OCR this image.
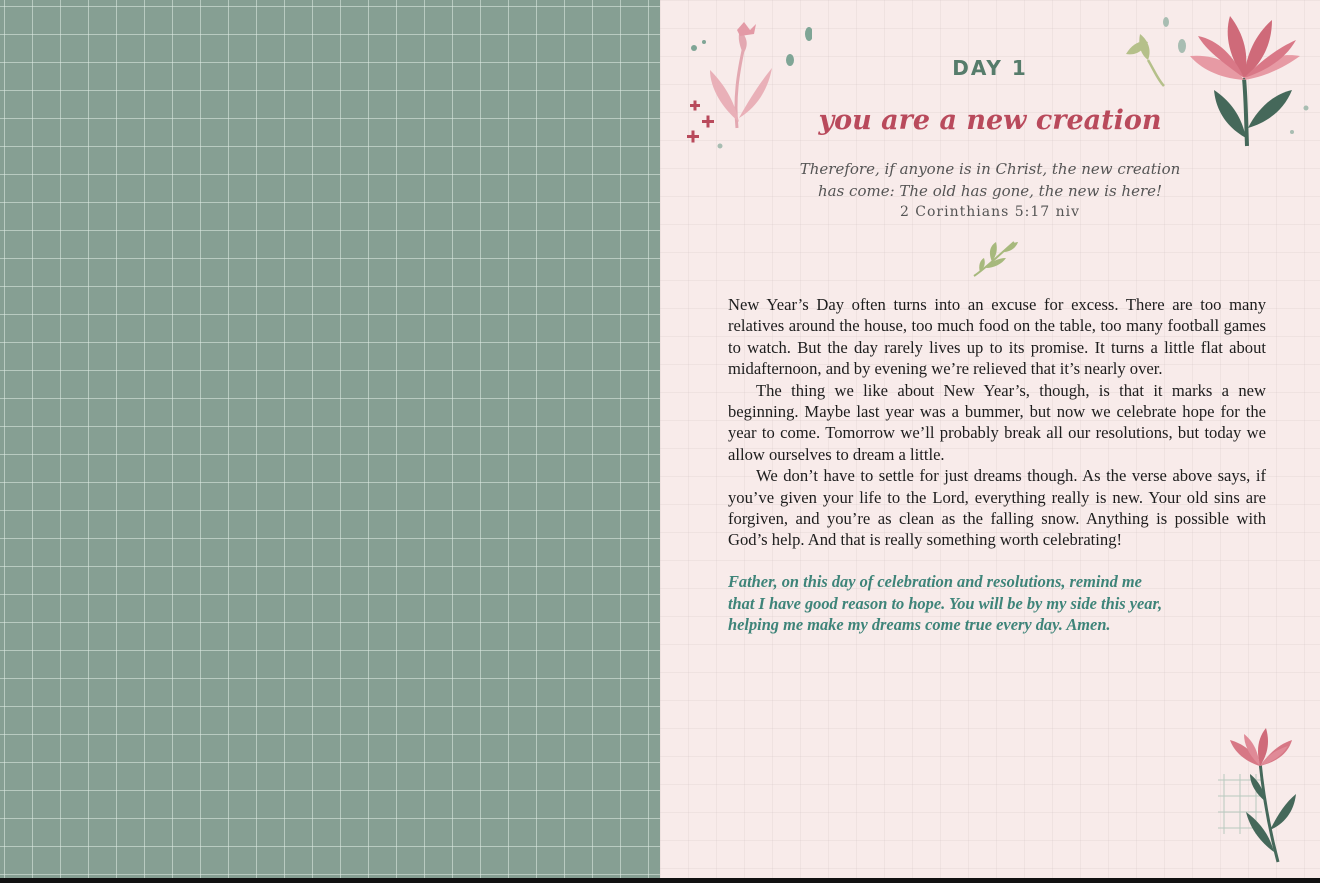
DAY 1
you are a new creation
Therefore, if anyone is in Christ, the new creation
has come: The old has gone, the new is here!
2 Corinthians 5:17 niv

New Year’s Day often turns into an excuse for excess. There are too many relatives around the house, too much food on the table, too many football games to watch. But the day rarely lives up to its promise. It turns a little flat about midafternoon, and by evening we’re relieved that it’s nearly over.

The thing we like about New Year’s, though, is that it marks a new beginning. Maybe last year was a bummer, but now we celebrate hope for the year to come. Tomorrow we’ll probably break all our resolutions, but today we allow ourselves to dream a little.

We don’t have to settle for just dreams though. As the verse above says, if you’ve given your life to the Lord, everything really is new. Your old sins are forgiven, and you’re as clean as the falling snow. Anything is possible with God’s help. And that is really something worth celebrating!

Father, on this day of celebration and resolutions, remind me

that I have good reason to hope. You will be by my side this year,

helping me make my dreams come true every day. Amen.
